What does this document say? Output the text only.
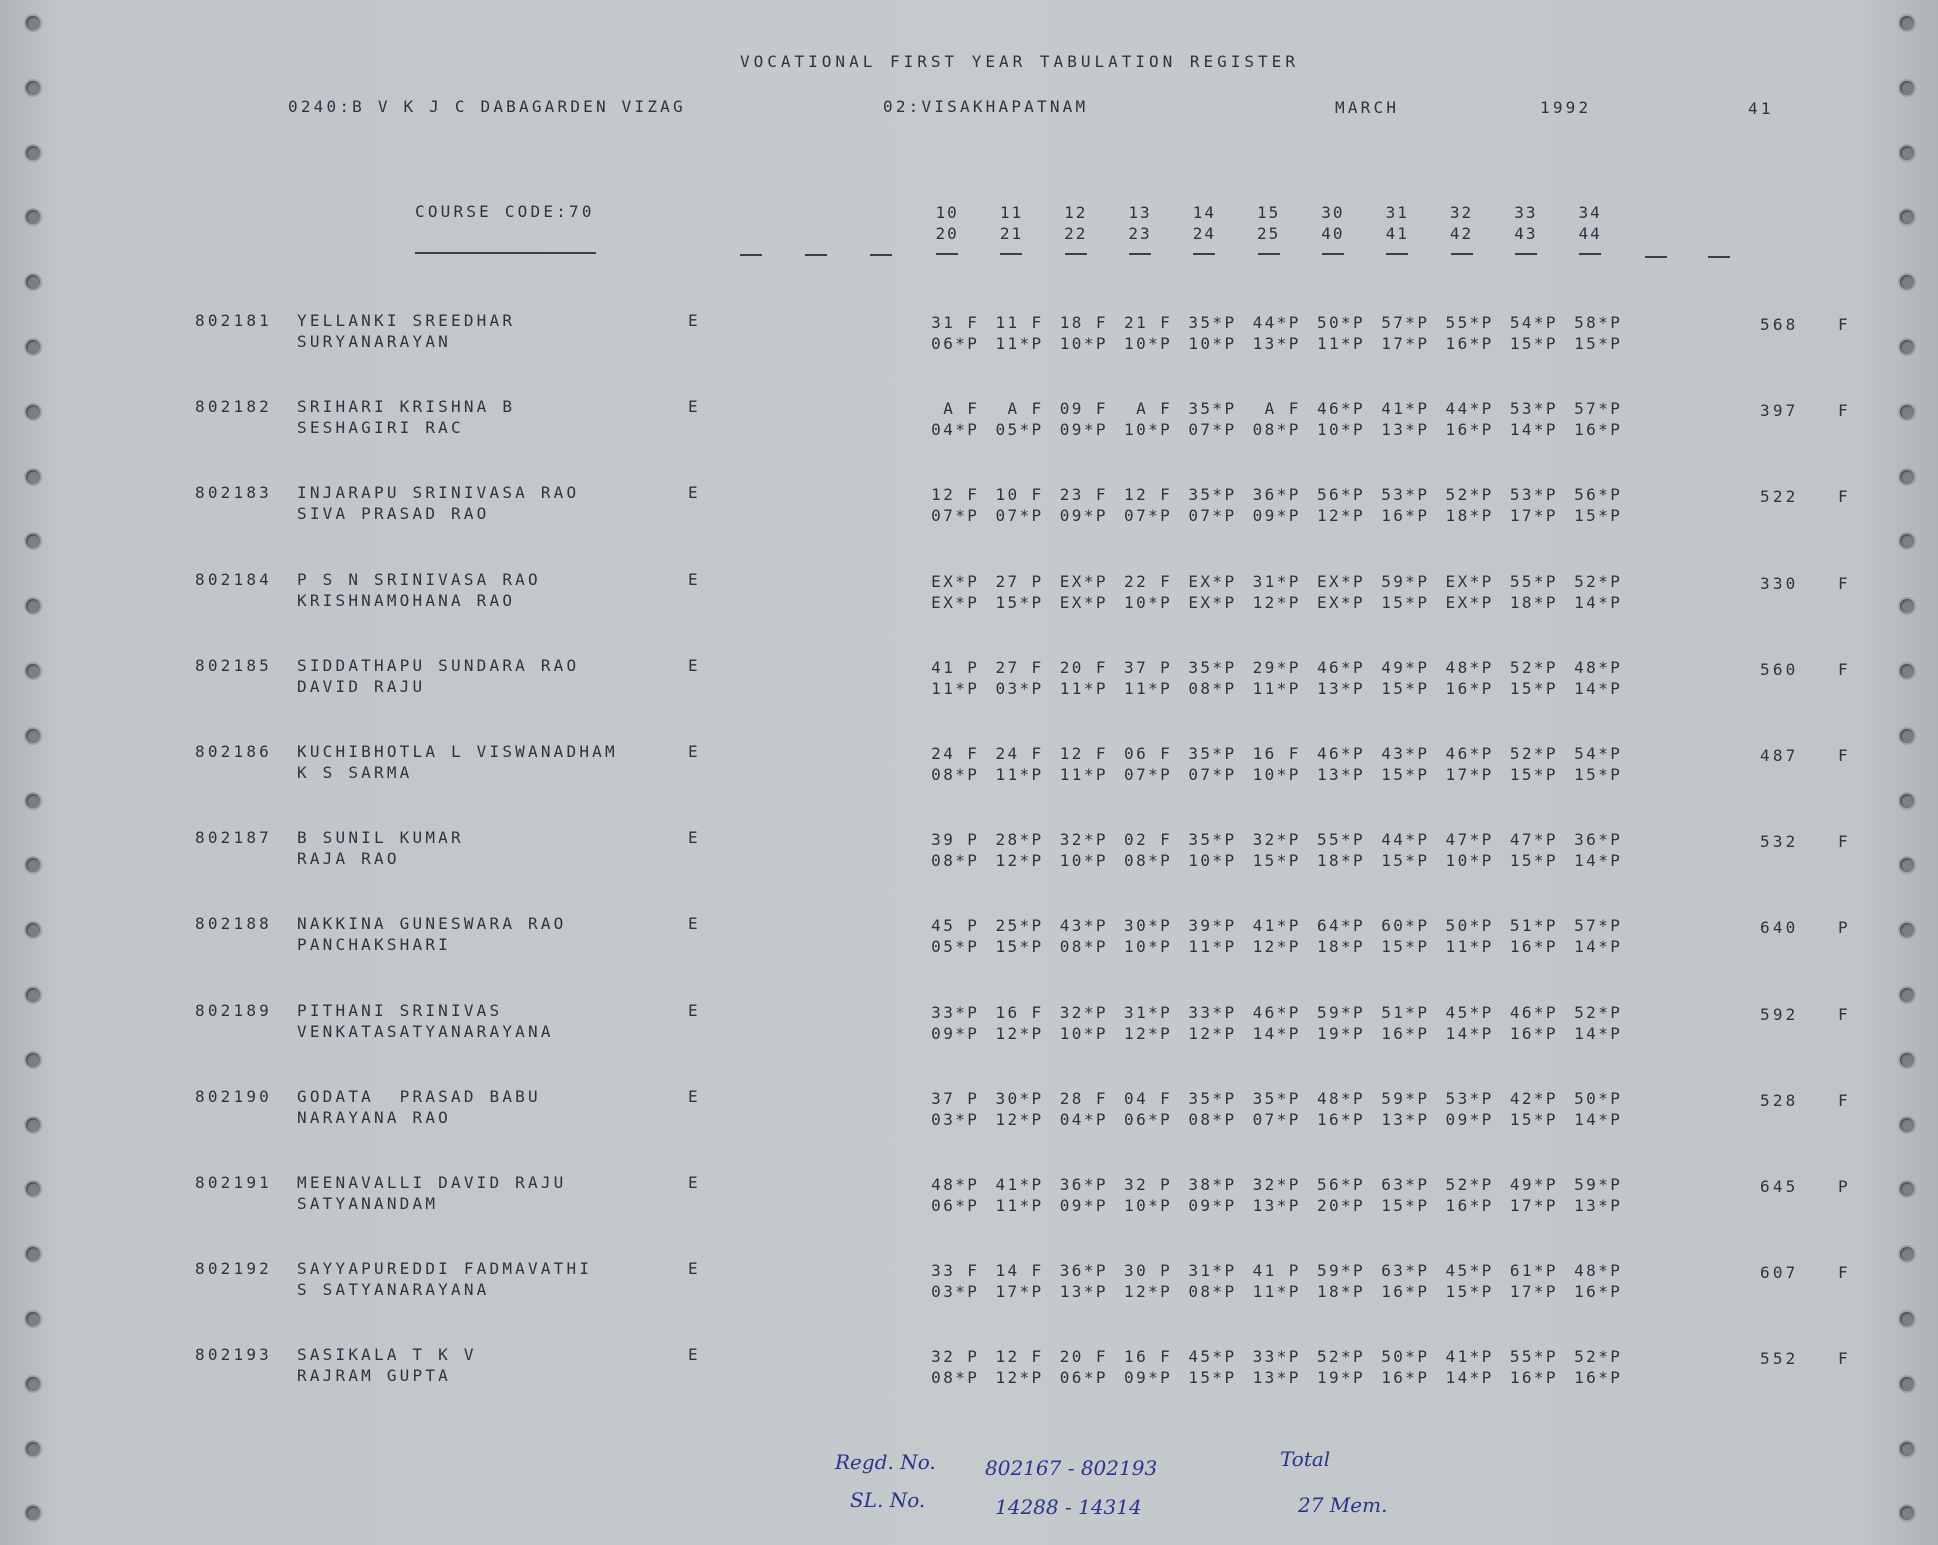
VOCATIONAL FIRST YEAR TABULATION REGISTER
0240:B V K J C DABAGARDEN VIZAG	02:VISAKHAPATNAM	MARCH	1992	41
COURSE CODE:70	10	11	12	13	14	15	30	31	32	33	34
20	21	22	23	24	25	40	41	42	43	44
802181 YELLANKI SREEDHAR
SURYANARAYAN
E	568 F
31 F	11 F	18 F	21 F	35*P	44*P	50*P	57*P	55*P	54*P	58*P
06*P	11*P	10*P	10*P	10*P	13*P	11*P	17*P	16*P	15*P	15*P
802182 SRIHARI KRISHNA B
SESHAGIRI RAC
E	397 F
A F	A F	09 F	A F	35*P	A F	46*P	41*P	44*P	53*P	57*P
04*P	05*P	09*P	10*P	07*P	08*P	10*P	13*P	16*P	14*P	16*P
802183 INJARAPU SRINIVASA RAO
SIVA PRASAD RAO
E	522 F
12 F	10 F	23 F	12 F	35*P	36*P	56*P	53*P	52*P	53*P	56*P
07*P	07*P	09*P	07*P	07*P	09*P	12*P	16*P	18*P	17*P	15*P
802184 P S N SRINIVASA RAO
KRISHNAMOHANA RAO
E	330 F
EX*P	27 P	EX*P	22 F	EX*P	31*P	EX*P	59*P	EX*P	55*P	52*P
EX*P	15*P	EX*P	10*P	EX*P	12*P	EX*P	15*P	EX*P	18*P	14*P
802185 SIDDATHAPU SUNDARA RAO
DAVID RAJU
E	560 F
41 P	27 F	20 F	37 P	35*P	29*P	46*P	49*P	48*P	52*P	48*P
11*P	03*P	11*P	11*P	08*P	11*P	13*P	15*P	16*P	15*P	14*P
802186 KUCHIBHOTLA L VISWANADHAM
K S SARMA
E	487 F
24 F	24 F	12 F	06 F	35*P	16 F	46*P	43*P	46*P	52*P	54*P
08*P	11*P	11*P	07*P	07*P	10*P	13*P	15*P	17*P	15*P	15*P
802187 B SUNIL KUMAR
RAJA RAO
E	532 F
39 P	28*P	32*P	02 F	35*P	32*P	55*P	44*P	47*P	47*P	36*P
08*P	12*P	10*P	08*P	10*P	15*P	18*P	15*P	10*P	15*P	14*P
802188 NAKKINA GUNESWARA RAO
PANCHAKSHARI
E	640 P
45 P	25*P	43*P	30*P	39*P	41*P	64*P	60*P	50*P	51*P	57*P
05*P	15*P	08*P	10*P	11*P	12*P	18*P	15*P	11*P	16*P	14*P
802189 PITHANI SRINIVAS
VENKATASATYANARAYANA
E	592 F
33*P	16 F	32*P	31*P	33*P	46*P	59*P	51*P	45*P	46*P	52*P
09*P	12*P	10*P	12*P	12*P	14*P	19*P	16*P	14*P	16*P	14*P
802190 GODATA  PRASAD BABU
NARAYANA RAO
E	528 F
37 P	30*P	28 F	04 F	35*P	35*P	48*P	59*P	53*P	42*P	50*P
03*P	12*P	04*P	06*P	08*P	07*P	16*P	13*P	09*P	15*P	14*P
802191 MEENAVALLI DAVID RAJU
SATYANANDAM
E	645 P
48*P	41*P	36*P	32 P	38*P	32*P	56*P	63*P	52*P	49*P	59*P
06*P	11*P	09*P	10*P	09*P	13*P	20*P	15*P	16*P	17*P	13*P
802192 SAYYAPUREDDI FADMAVATHI
S SATYANARAYANA
E	607 F
33 F	14 F	36*P	30 P	31*P	41 P	59*P	63*P	45*P	61*P	48*P
03*P	17*P	13*P	12*P	08*P	11*P	18*P	16*P	15*P	17*P	16*P
802193 SASIKALA T K V
RAJRAM GUPTA
E	552 F
32 P	12 F	20 F	16 F	45*P	33*P	52*P	50*P	41*P	55*P	52*P
08*P	12*P	06*P	09*P	15*P	13*P	19*P	16*P	14*P	16*P	16*P
Regd. No. 802167 - 802193	Total
SL. No.	14288 - 14314	27 Mem.
